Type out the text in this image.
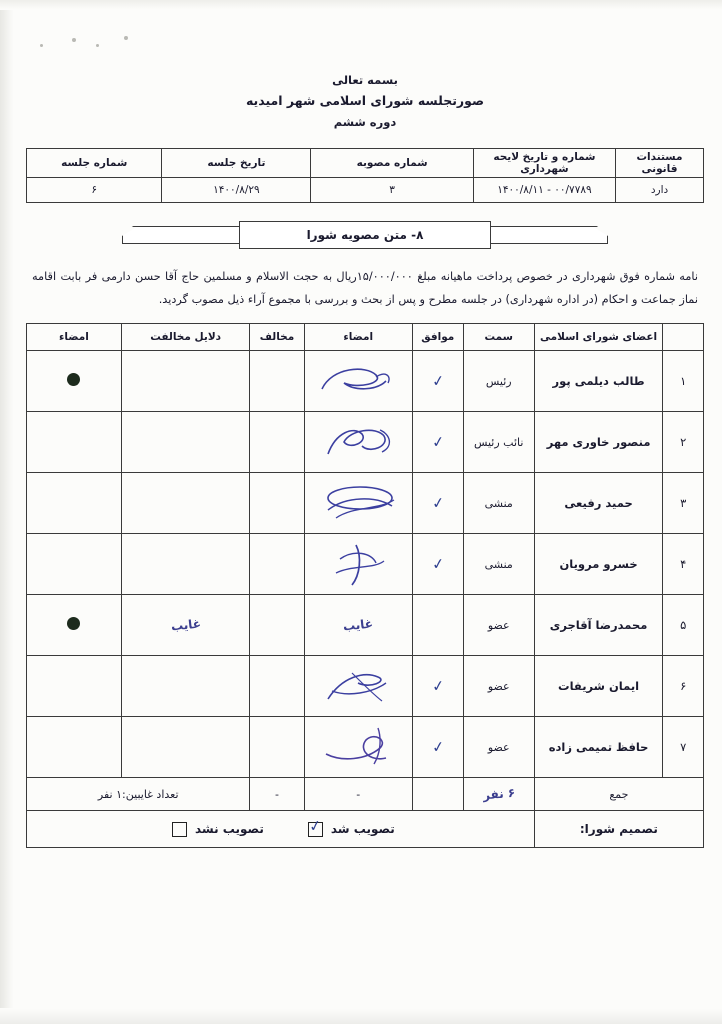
بسمه تعالی
صورتجلسه شورای اسلامی شهر امیدیه
دوره ششم
مستندات قانونی	شماره و تاریخ لایحه شهرداری	شماره مصوبه	تاریخ جلسه	شماره جلسه
دارد	۰۰/۷۷۸۹ - ۱۴۰۰/۸/۱۱	۳	۱۴۰۰/۸/۲۹	۶
۸- متن مصویه شورا
نامه شماره فوق شهرداری در خصوص پرداخت ماهیانه مبلغ ۱۵/۰۰۰/۰۰۰ریال به حجت الاسلام و مسلمین حاج آقا حسن دارمی فر بابت اقامه نماز جماعت و احکام (در اداره شهرداری) در جلسه مطرح و پس از بحث و بررسی با مجموع آراء ذیل مصوب گردید.
	اعضای شورای اسلامی	سمت	موافق	امضاء	مخالف	دلایل مخالفت	امضاء
۱	طالب دیلمی پور	رئیس	✓	

۲	منصور خاوری مهر	نائب رئیس	✓	

۳	حمید رفیعی	منشی	✓	

۴	خسرو مرویان	منشی	✓	

۵	محمدرضا آقاجری	عضو		غایب		غایب	
۶	ایمان شریفات	عضو	✓	

۷	حافظ تمیمی زاده	عضو	✓	

جمع		۶ نفر		-	-	تعداد غایبین:۱ نفر	
تصمیم شورا:		تصویب شد
✓
تصویب نشد					
